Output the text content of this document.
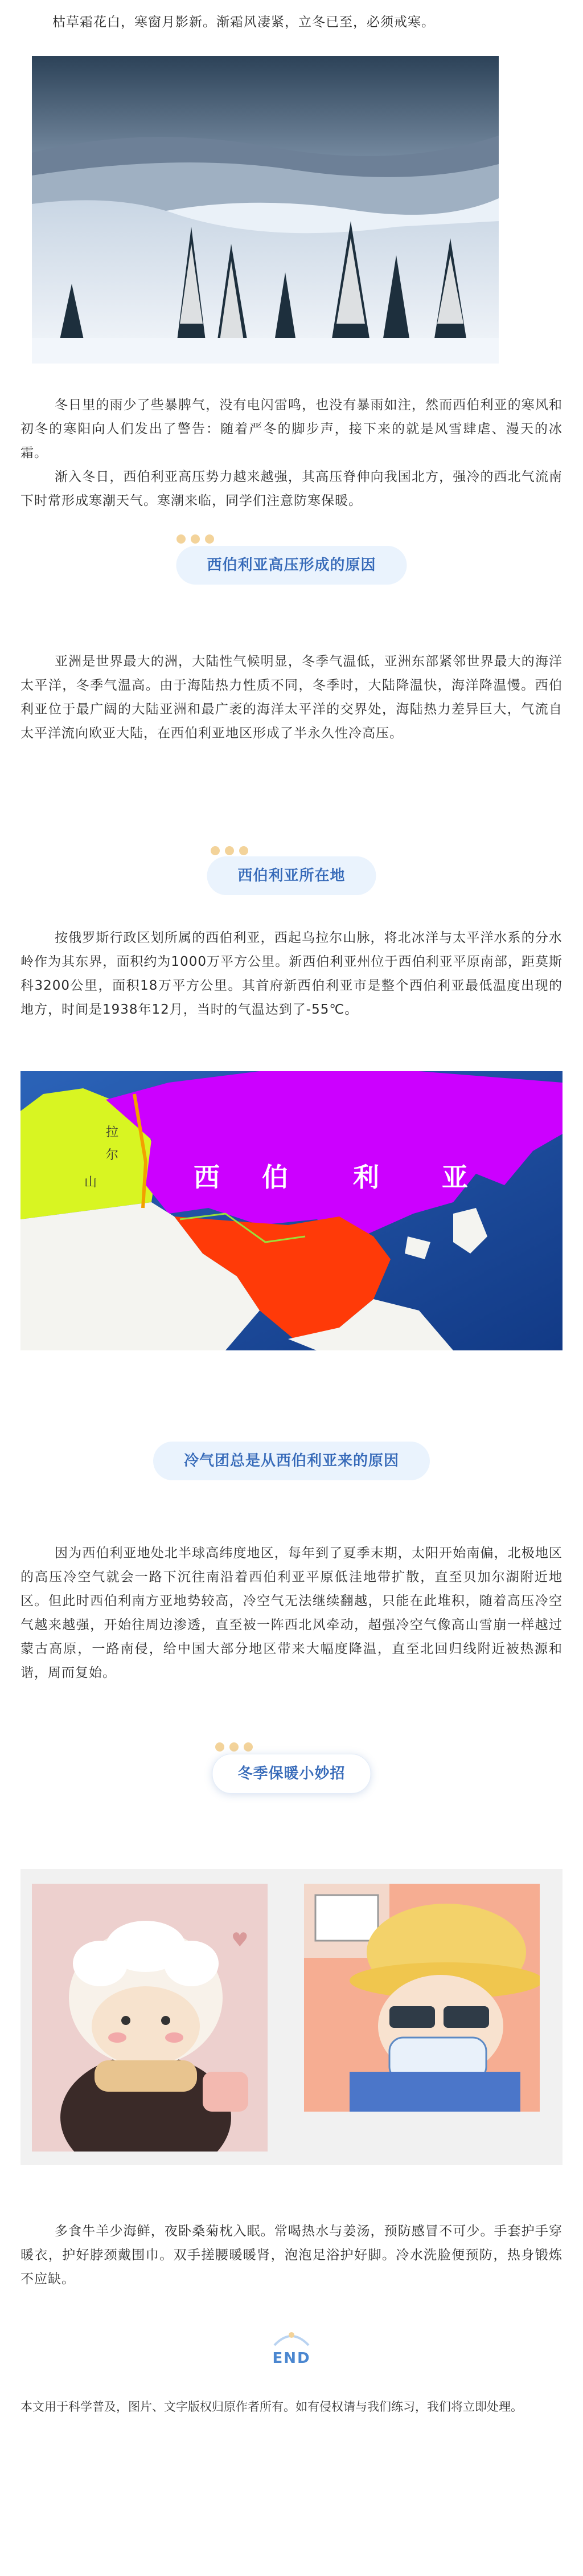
枯草霜花白，寒窗月影新。渐霜风凄紧，立冬已至，必须戒寒。

冬日里的雨少了些暴脾气，没有电闪雷鸣，也没有暴雨如注，然而西伯利亚的寒风和初冬的寒阳向人们发出了警告：随着严冬的脚步声，接下来的就是风雪肆虐、漫天的冰霜。

渐入冬日，西伯利亚高压势力越来越强，其高压脊伸向我国北方，强冷的西北气流南下时常形成寒潮天气。寒潮来临，同学们注意防寒保暖。

西伯利亚高压形成的原因

亚洲是世界最大的洲，大陆性气候明显，冬季气温低，亚洲东部紧邻世界最大的海洋太平洋，冬季气温高。由于海陆热力性质不同，冬季时，大陆降温快，海洋降温慢。西伯利亚位于最广阔的大陆亚洲和最广袤的海洋太平洋的交界处，海陆热力差异巨大，气流自太平洋流向欧亚大陆，在西伯利亚地区形成了半永久性冷高压。

西伯利亚所在地

按俄罗斯行政区划所属的西伯利亚，西起乌拉尔山脉，将北冰洋与太平洋水系的分水岭作为其东界，面积约为1000万平方公里。新西伯利亚州位于西伯利亚平原南部，距莫斯科3200公里，面积18万平方公里。其首府新西伯利亚市是整个西伯利亚最低温度出现的地方，时间是1938年12月，当时的气温达到了-55℃。

西 伯 利 亚
拉
尔
山
冷气团总是从西伯利亚来的原因

因为西伯利亚地处北半球高纬度地区，每年到了夏季末期，太阳开始南偏，北极地区的高压冷空气就会一路下沉往南沿着西伯利亚平原低洼地带扩散，直至贝加尔湖附近地区。但此时西伯利南方亚地势较高，冷空气无法继续翻越，只能在此堆积，随着高压冷空气越来越强，开始往周边渗透，直至被一阵西北风牵动，超强冷空气像高山雪崩一样越过蒙古高原，一路南侵，给中国大部分地区带来大幅度降温，直至北回归线附近被热源和谐，周而复始。

冬季保暖小妙招
♥

多食牛羊少海鲜，夜卧桑菊枕入眠。常喝热水与姜汤，预防感冒不可少。手套护手穿暖衣，护好脖颈戴围巾。双手搓腰暖暖肾，泡泡足浴护好脚。冷水洗脸便预防，热身锻炼不应缺。

END

本文用于科学普及，图片、文字版权归原作者所有。如有侵权请与我们练习，我们将立即处理。
